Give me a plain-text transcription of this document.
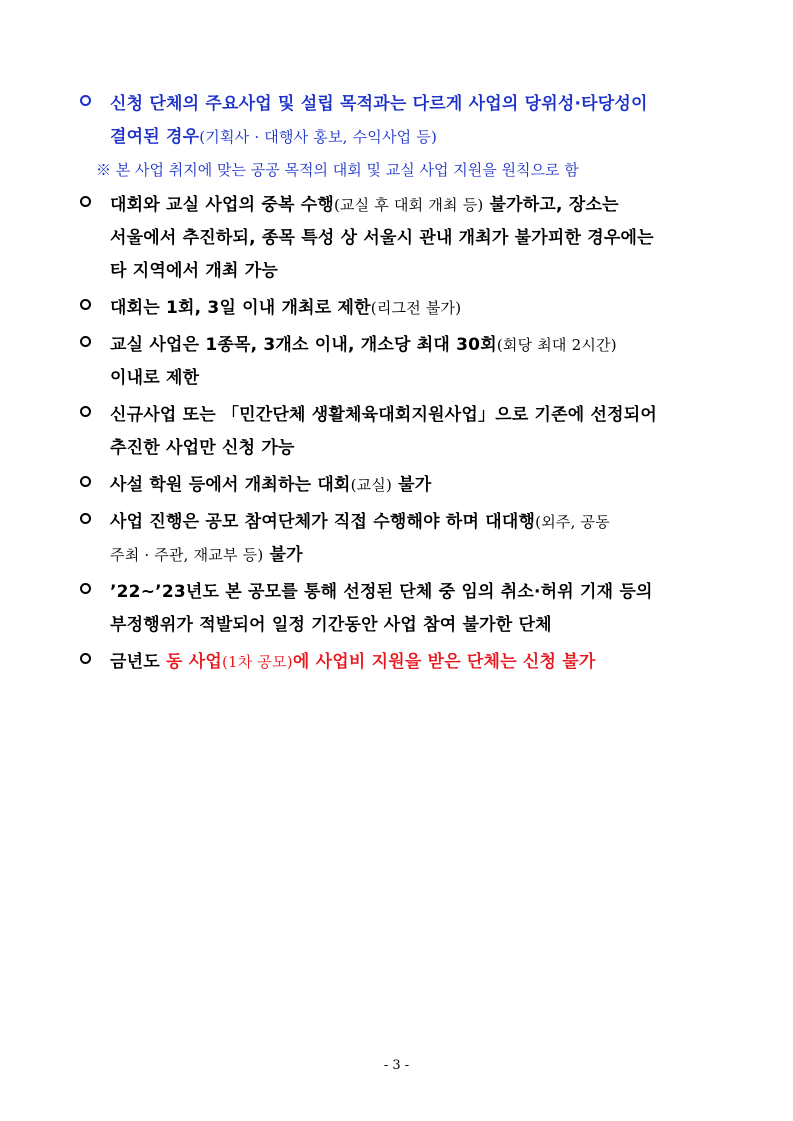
신청 단체의 주요사업 및 설립 목적과는 다르게 사업의 당위성·타당성이
결여된 경우(기획사 · 대행사 홍보, 수익사업 등)
※ 본 사업 취지에 맞는 공공 목적의 대회 및 교실 사업 지원을 원칙으로 함
대회와 교실 사업의 중복 수행(교실 후 대회 개최 등) 불가하고, 장소는
서울에서 추진하되, 종목 특성 상 서울시 관내 개최가 불가피한 경우에는
타 지역에서 개최 가능
대회는 1회, 3일 이내 개최로 제한(리그전 불가)
교실 사업은 1종목, 3개소 이내, 개소당 최대 30회(회당 최대 2시간)
이내로 제한
신규사업 또는 「민간단체 생활체육대회지원사업」으로 기존에 선정되어
추진한 사업만 신청 가능
사설 학원 등에서 개최하는 대회(교실) 불가
사업 진행은 공모 참여단체가 직접 수행해야 하며 대대행(외주, 공동
주최 · 주관, 재교부 등) 불가
’22~’23년도 본 공모를 통해 선정된 단체 중 임의 취소·허위 기재 등의
부정행위가 적발되어 일정 기간동안 사업 참여 불가한 단체
금년도 동 사업(1차 공모)에 사업비 지원을 받은 단체는 신청 불가
- 3 -
